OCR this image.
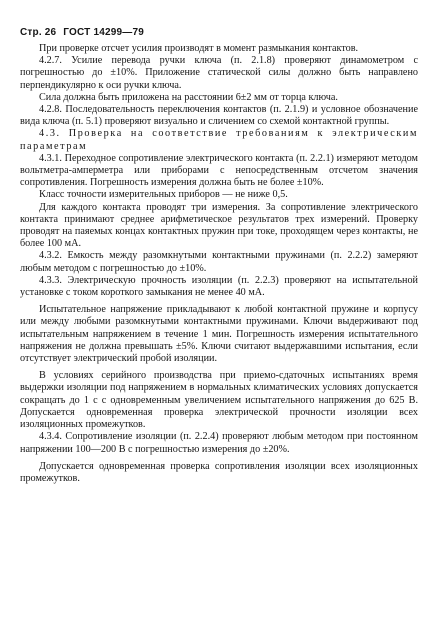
Стр. 26 ГОСТ 14299—79

При проверке отсчет усилия производят в момент размыкания контактов.

4.2.7. Усилие перевода ручки ключа (п. 2.1.8) проверяют динамометром с погрешностью до ±10%. Приложение статической силы должно быть направлено перпендикулярно к оси ручки ключа.

Сила должна быть приложена на расстоянии 6±2 мм от торца ключа.

4.2.8. Последовательность переключения контактов (п. 2.1.9) и условное обозначение вида ключа (п. 5.1) проверяют визуально и сличением со схемой контактной группы.

4.3. Проверка на соответствие требованиям к электрическим параметрам

4.3.1. Переходное сопротивление электрического контакта (п. 2.2.1) измеряют методом вольтметра-амперметра или приборами с непосредственным отсчетом значения сопротивления. Погрешность измерения должна быть не более ±10%.

Класс точности измерительных приборов — не ниже 0,5.

Для каждого контакта проводят три измерения. За сопротивление электрического контакта принимают среднее арифметическое результатов трех измерений. Проверку проводят на паяемых концах контактных пружин при токе, проходящем через контакты, не более 100 мА.

4.3.2. Емкость между разомкнутыми контактными пружинами (п. 2.2.2) замеряют любым методом с погрешностью до ±10%.

4.3.3. Электрическую прочность изоляции (п. 2.2.3) проверяют на испытательной установке с током короткого замыкания не менее 40 мА.

Испытательное напряжение прикладывают к любой контактной пружине и корпусу или между любыми разомкнутыми контактными пружинами. Ключи выдерживают под испытательным напряжением в течение 1 мин. Погрешность измерения испытательного напряжения не должна превышать ±5%. Ключи считают выдержавшими испытания, если отсутствует электрический пробой изоляции.

В условиях серийного производства при приемо-сдаточных испытаниях время выдержки изоляции под напряжением в нормальных климатических условиях допускается сокращать до 1 с с одновременным увеличением испытательного напряжения до 625 В. Допускается одновременная проверка электрической прочности изоляции всех изоляционных промежутков.

4.3.4. Сопротивление изоляции (п. 2.2.4) проверяют любым методом при постоянном напряжении 100—200 В с погрешностью измерения до ±20%.

Допускается одновременная проверка сопротивления изоляции всех изоляционных промежутков.
